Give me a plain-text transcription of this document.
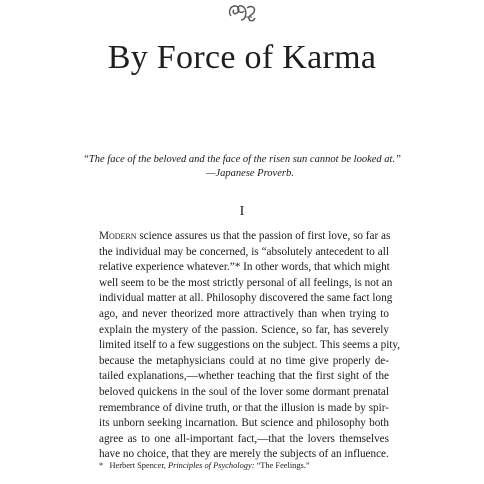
By Force of Karma
“The face of the beloved and the face of the risen sun cannot be looked at.”
—Japanese Proverb.
I
Modern science assures us that the passion of first love, so far as
the individual may be concerned, is “absolutely antecedent to all
relative experience whatever.”* In other words, that which might
well seem to be the most strictly personal of all feelings, is not an
individual matter at all. Philosophy discovered the same fact long
ago, and never theorized more attractively than when trying to
explain the mystery of the passion. Science, so far, has severely
limited itself to a few suggestions on the subject. This seems a pity,
because the metaphysicians could at no time give properly de-
tailed explanations,—whether teaching that the first sight of the
beloved quickens in the soul of the lover some dormant prenatal
remembrance of divine truth, or that the illusion is made by spir-
its unborn seeking incarnation. But science and philosophy both
agree as to one all-important fact,—that the lovers themselves
have no choice, that they are merely the subjects of an influence.
* Herbert Spencer, Principles of Psychology: “The Feelings.”
